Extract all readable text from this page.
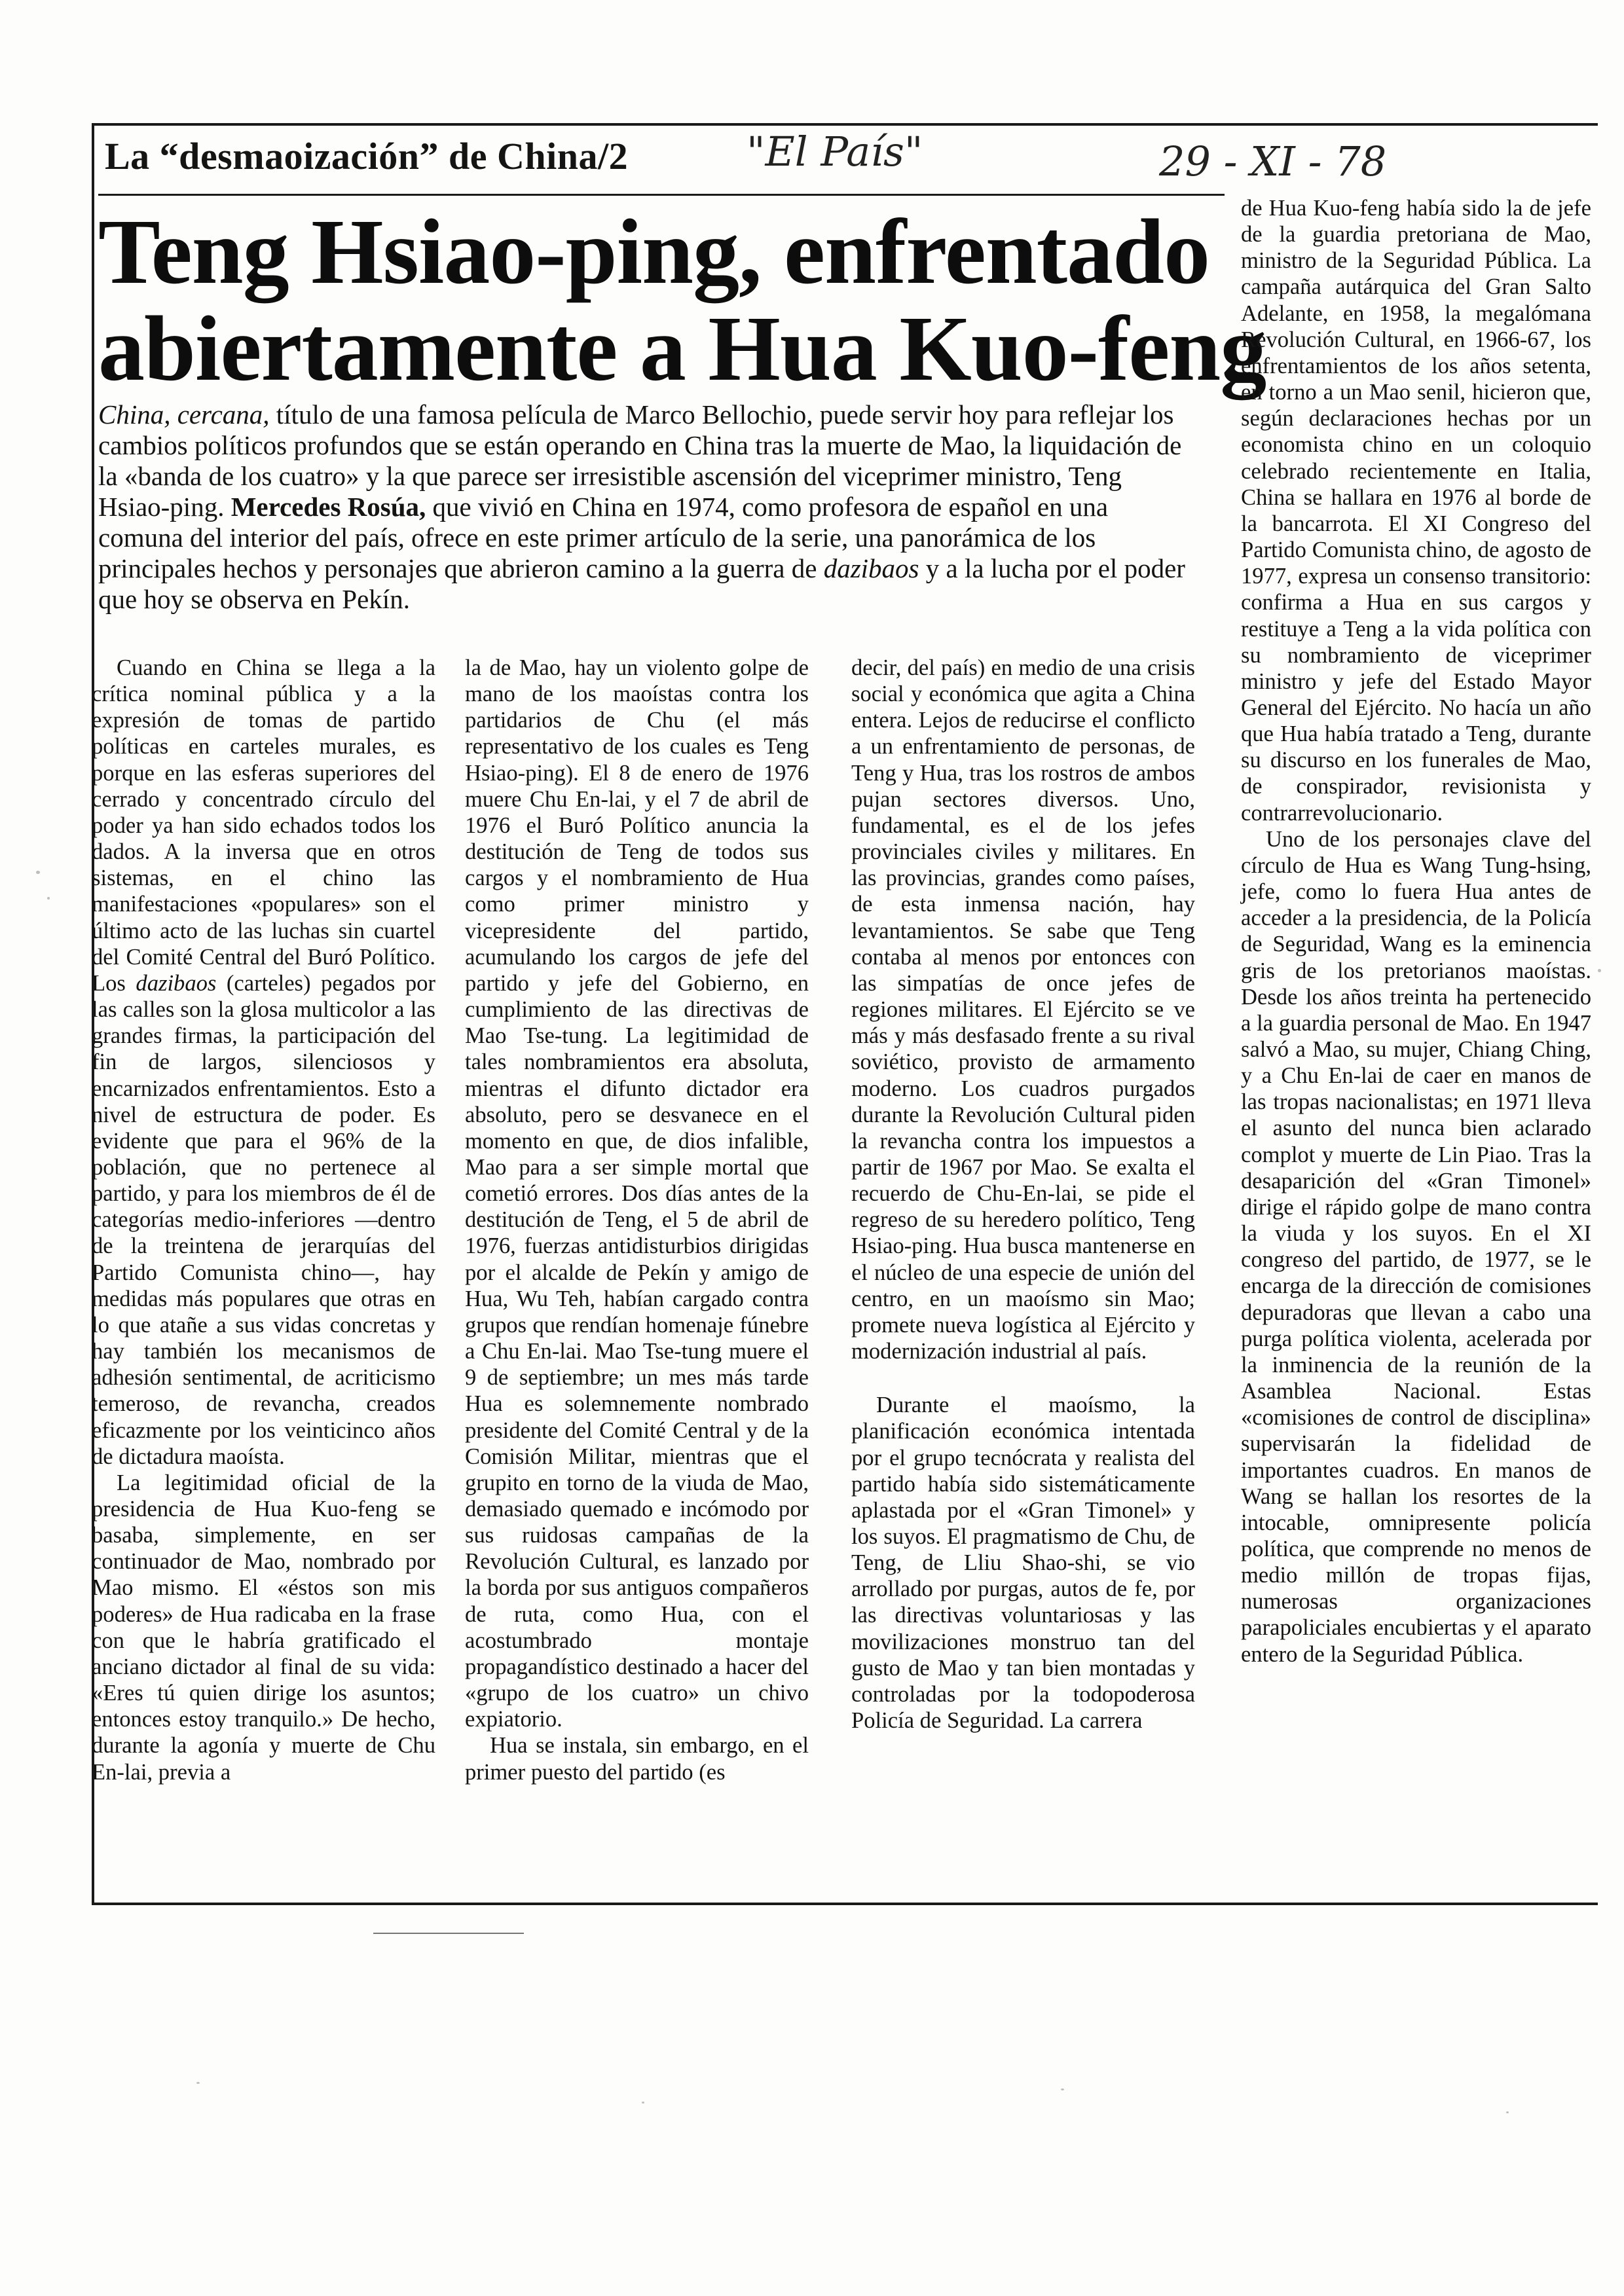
La “desmaoización” de China/2	"El País"	29 - XI - 78
Teng Hsiao-ping, enfrentado
abiertamente a Hua Kuo-feng
China, cercana, título de una famosa película de Marco Bellochio, puede servir hoy para reflejar los cambios políticos profundos que se están operando en China tras la muerte de Mao, la liquidación de la «banda de los cuatro» y la que parece ser irresistible ascensión del viceprimer ministro, Teng Hsiao-ping. Mercedes Rosúa, que vivió en China en 1974, como profesora de español en una comuna del interior del país, ofrece en este primer artículo de la serie, una panorámica de los principales hechos y personajes que abrieron camino a la guerra de dazibaos y a la lucha por el poder que hoy se observa en Pekín.

Cuando en China se llega a la crítica nominal pública y a la expresión de tomas de partido políticas en carteles murales, es porque en las esferas superiores del cerrado y concentrado círculo del poder ya han sido echados todos los dados. A la inversa que en otros sistemas, en el chino las manifestaciones «populares» son el último acto de las luchas sin cuartel del Comité Central del Buró Político. Los dazibaos (carteles) pegados por las calles son la glosa multicolor a las grandes firmas, la participación del fin de largos, silenciosos y encarnizados enfrentamientos. Esto a nivel de estructura de poder. Es evidente que para el 96% de la población, que no pertenece al partido, y para los miembros de él de categorías medio-inferiores —dentro de la treintena de jerarquías del Partido Comunista chino—, hay medidas más populares que otras en lo que atañe a sus vidas concretas y hay también los mecanismos de adhesión sentimental, de acriticismo temeroso, de revancha, creados eficazmente por los veinticinco años de dictadura maoísta.

La legitimidad oficial de la presidencia de Hua Kuo-feng se basaba, simplemente, en ser continuador de Mao, nombrado por Mao mismo. El «éstos son mis poderes» de Hua radicaba en la frase con que le habría gratificado el anciano dictador al final de su vida: «Eres tú quien dirige los asuntos; entonces estoy tranquilo.» De hecho, durante la agonía y muerte de Chu En-lai, previa a

la de Mao, hay un violento golpe de mano de los maoístas contra los partidarios de Chu (el más representativo de los cuales es Teng Hsiao-ping). El 8 de enero de 1976 muere Chu En-lai, y el 7 de abril de 1976 el Buró Político anuncia la destitución de Teng de todos sus cargos y el nombramiento de Hua como primer ministro y vicepresidente del partido, acumulando los cargos de jefe del partido y jefe del Gobierno, en cumplimiento de las directivas de Mao Tse-tung. La legitimidad de tales nombramientos era absoluta, mientras el difunto dictador era absoluto, pero se desvanece en el momento en que, de dios infalible, Mao para a ser simple mortal que cometió errores. Dos días antes de la destitución de Teng, el 5 de abril de 1976, fuerzas antidisturbios dirigidas por el alcalde de Pekín y amigo de Hua, Wu Teh, habían cargado contra grupos que rendían homenaje fúnebre a Chu En-lai. Mao Tse-tung muere el 9 de septiembre; un mes más tarde Hua es solemnemente nombrado presidente del Comité Central y de la Comisión Militar, mientras que el grupito en torno de la viuda de Mao, demasiado quemado e incómodo por sus ruidosas campañas de la Revolución Cultural, es lanzado por la borda por sus antiguos compañeros de ruta, como Hua, con el acostumbrado montaje propagandístico destinado a hacer del «grupo de los cuatro» un chivo expiatorio.

Hua se instala, sin embargo, en el primer puesto del partido (es

decir, del país) en medio de una crisis social y económica que agita a China entera. Lejos de reducirse el conflicto a un enfrentamiento de personas, de Teng y Hua, tras los rostros de ambos pujan sectores diversos. Uno, fundamental, es el de los jefes provinciales civiles y militares. En las provincias, grandes como países, de esta inmensa nación, hay levantamientos. Se sabe que Teng contaba al menos por entonces con las simpatías de once jefes de regiones militares. El Ejército se ve más y más desfasado frente a su rival soviético, provisto de armamento moderno. Los cuadros purgados durante la Revolución Cultural piden la revancha contra los impuestos a partir de 1967 por Mao. Se exalta el recuerdo de Chu-En-lai, se pide el regreso de su heredero político, Teng Hsiao-ping. Hua busca mantenerse en el núcleo de una especie de unión del centro, en un maoísmo sin Mao; promete nueva logística al Ejército y modernización industrial al país.

Durante el maoísmo, la planificación económica intentada por el grupo tecnócrata y realista del partido había sido sistemáticamente aplastada por el «Gran Timonel» y los suyos. El pragmatismo de Chu, de Teng, de Lliu Shao-shi, se vio arrollado por purgas, autos de fe, por las directivas voluntariosas y las movilizaciones monstruo tan del gusto de Mao y tan bien montadas y controladas por la todopoderosa Policía de Seguridad. La carrera

de Hua Kuo-feng había sido la de jefe de la guardia pretoriana de Mao, ministro de la Seguridad Pública. La campaña autárquica del Gran Salto Adelante, en 1958, la megalómana Revolución Cultural, en 1966-67, los enfrentamientos de los años setenta, en torno a un Mao senil, hicieron que, según declaraciones hechas por un economista chino en un coloquio celebrado recientemente en Italia, China se hallara en 1976 al borde de la bancarrota. El XI Congreso del Partido Comunista chino, de agosto de 1977, expresa un consenso transitorio: confirma a Hua en sus cargos y restituye a Teng a la vida política con su nombramiento de viceprimer ministro y jefe del Estado Mayor General del Ejército. No hacía un año que Hua había tratado a Teng, durante su discurso en los funerales de Mao, de conspirador, revisionista y contrarrevolucionario.

Uno de los personajes clave del círculo de Hua es Wang Tung-hsing, jefe, como lo fuera Hua antes de acceder a la presidencia, de la Policía de Seguridad, Wang es la eminencia gris de los pretorianos maoístas. Desde los años treinta ha pertenecido a la guardia personal de Mao. En 1947 salvó a Mao, su mujer, Chiang Ching, y a Chu En-lai de caer en manos de las tropas nacionalistas; en 1971 lleva el asunto del nunca bien aclarado complot y muerte de Lin Piao. Tras la desaparición del «Gran Timonel» dirige el rápido golpe de mano contra la viuda y los suyos. En el XI congreso del partido, de 1977, se le encarga de la dirección de comisiones depuradoras que llevan a cabo una purga política violenta, acelerada por la inminencia de la reunión de la Asamblea Nacional. Estas «comisiones de control de disciplina» supervisarán la fidelidad de importantes cuadros. En manos de Wang se hallan los resortes de la intocable, omnipresente policía política, que comprende no menos de medio millón de tropas fijas, numerosas organizaciones parapoliciales encubiertas y el aparato entero de la Seguridad Pública.
